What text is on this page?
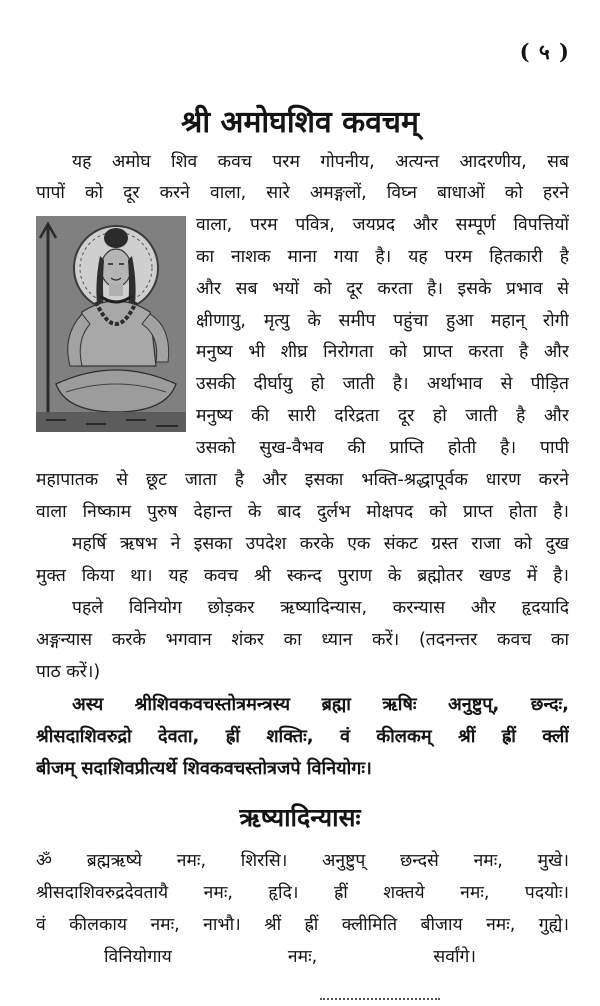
( ५ )
श्री अमोघशिव कवचम्
यह अमोघ शिव कवच परम गोपनीय, अत्यन्त आदरणीय, सब
पापों को दूर करने वाला, सारे अमङ्गलों, विघ्न बाधाओं को हरने
वाला, परम पवित्र, जयप्रद और सम्पूर्ण विपत्तियों
का नाशक माना गया है। यह परम हितकारी है
और सब भयों को दूर करता है। इसके प्रभाव से
क्षीणायु, मृत्यु के समीप पहुंचा हुआ महान् रोगी
मनुष्य भी शीघ्र निरोगता को प्राप्त करता है और
उसकी दीर्घायु हो जाती है। अर्थाभाव से पीड़ित
मनुष्य की सारी दरिद्रता दूर हो जाती है और
उसको सुख-वैभव की प्राप्ति होती है। पापी
महापातक से छूट जाता है और इसका भक्ति-श्रद्धापूर्वक धारण करने
वाला निष्काम पुरुष देहान्त के बाद दुर्लभ मोक्षपद को प्राप्त होता है।
महर्षि ऋषभ ने इसका उपदेश करके एक संकट ग्रस्त राजा को दुख
मुक्त किया था। यह कवच श्री स्कन्द पुराण के ब्रह्मोतर खण्ड में है।
पहले विनियोग छोड़कर ऋष्यादिन्यास, करन्यास और हृदयादि
अङ्गन्यास करके भगवान शंकर का ध्यान करें। (तदनन्तर कवच का
पाठ करें।)
अस्य श्रीशिवकवचस्तोत्रमन्त्रस्य ब्रह्मा ऋषिः अनुष्टुप्, छन्दः,
श्रीसदाशिवरुद्रो देवता, ह्रीं शक्तिः, वं कीलकम् श्रीं ह्रीं क्लीं
बीजम् सदाशिवप्रीत्यर्थे शिवकवचस्तोत्रजपे विनियोगः।
ऋष्यादिन्यासः
ॐ ब्रह्मऋष्ये नमः, शिरसि। अनुष्टुप् छन्दसे नमः, मुखे।
श्रीसदाशिवरुद्रदेवतायै नमः, हृदि। ह्रीं शक्तये नमः, पदयोः।
वं कीलकाय नमः, नाभौ। श्रीं ह्रीं क्लीमिति बीजाय नमः, गुह्ये।
विनियोगाय नमः, सर्वांगे।
